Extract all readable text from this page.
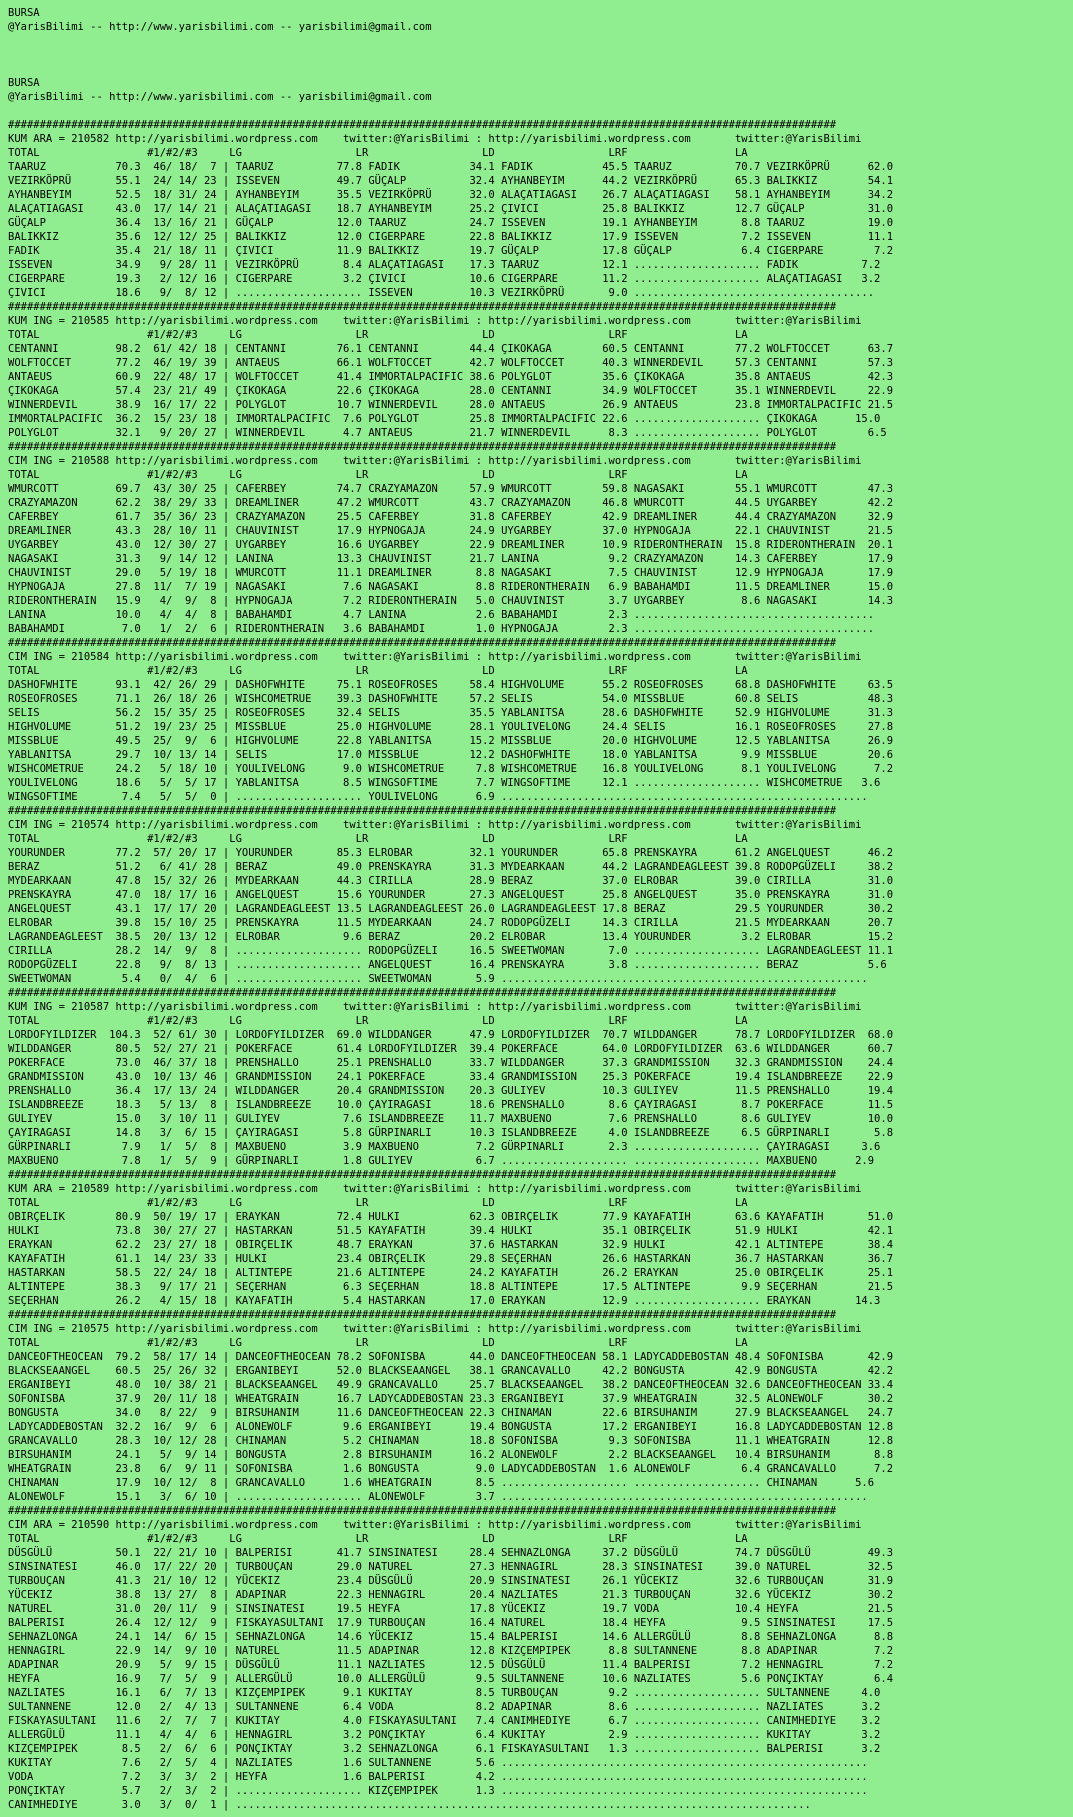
BURSA
@YarisBilimi -- http://www.yarisbilimi.com -- yarisbilimi@gmail.com
BURSA
@YarisBilimi -- http://www.yarisbilimi.com -- yarisbilimi@gmail.com
###################################################################################################################################
KUM ARA = 210582 http://yarisbilimi.wordpress.com    twitter:@YarisBilimi : http://yarisbilimi.wordpress.com       twitter:@YarisBilimi
TOTAL                 #1/#2/#3     LG                  LR                  LD                  LRF                 LA
TAARUZ           70.3  46/ 18/  7 | TAARUZ          77.8 FADIK           34.1 FADIK           45.5 TAARUZ          70.7 VEZIRKÖPRÜ      62.0
VEZIRKÖPRÜ       55.1  24/ 14/ 23 | ISSEVEN         49.7 GÜÇALP          32.4 AYHANBEYIM      44.2 VEZIRKÖPRÜ      65.3 BALIKKIZ        54.1
AYHANBEYIM       52.5  18/ 31/ 24 | AYHANBEYIM      35.5 VEZIRKÖPRÜ      32.0 ALAÇATIAGASI    26.7 ALAÇATIAGASI    58.1 AYHANBEYIM      34.2
ALAÇATIAGASI     43.0  17/ 14/ 21 | ALAÇATIAGASI    18.7 AYHANBEYIM      25.2 ÇIVICI          25.8 BALIKKIZ        12.7 GÜÇALP          31.0
GÜÇALP           36.4  13/ 16/ 21 | GÜÇALP          12.0 TAARUZ          24.7 ISSEVEN         19.1 AYHANBEYIM       8.8 TAARUZ          19.0
BALIKKIZ         35.6  12/ 12/ 25 | BALIKKIZ        12.0 CIGERPARE       22.8 BALIKKIZ        17.9 ISSEVEN          7.2 ISSEVEN         11.1
FADIK            35.4  21/ 18/ 11 | ÇIVICI          11.9 BALIKKIZ        19.7 GÜÇALP          17.8 GÜÇALP           6.4 CIGERPARE        7.2
ISSEVEN          34.9   9/ 28/ 11 | VEZIRKÖPRÜ       8.4 ALAÇATIAGASI    17.3 TAARUZ          12.1 .................... FADIK          7.2
CIGERPARE        19.3   2/ 12/ 16 | CIGERPARE        3.2 ÇIVICI          10.6 CIGERPARE       11.2 .................... ALAÇATIAGASI   3.2
ÇIVICI           18.6   9/  8/ 12 | .................... ISSEVEN         10.3 VEZIRKÖPRÜ       9.0 ......................................
###################################################################################################################################
KUM ING = 210585 http://yarisbilimi.wordpress.com    twitter:@YarisBilimi : http://yarisbilimi.wordpress.com       twitter:@YarisBilimi
TOTAL                 #1/#2/#3     LG                  LR                  LD                  LRF                 LA
CENTANNI         98.2  61/ 42/ 18 | CENTANNI        76.1 CENTANNI        44.4 ÇIKOKAGA        60.5 CENTANNI        77.2 WOLFTOCCET      63.7
WOLFTOCCET       77.2  46/ 19/ 39 | ANTAEUS         66.1 WOLFTOCCET      42.7 WOLFTOCCET      40.3 WINNERDEVIL     57.3 CENTANNI        57.3
ANTAEUS          60.9  22/ 48/ 17 | WOLFTOCCET      41.4 IMMORTALPACIFIC 38.6 POLYGLOT        35.6 ÇIKOKAGA        35.8 ANTAEUS         42.3
ÇIKOKAGA         57.4  23/ 21/ 49 | ÇIKOKAGA        22.6 ÇIKOKAGA        28.0 CENTANNI        34.9 WOLFTOCCET      35.1 WINNERDEVIL     22.9
WINNERDEVIL      38.9  16/ 17/ 22 | POLYGLOT        10.7 WINNERDEVIL     28.0 ANTAEUS         26.9 ANTAEUS         23.8 IMMORTALPACIFIC 21.5
IMMORTALPACIFIC  36.2  15/ 23/ 18 | IMMORTALPACIFIC  7.6 POLYGLOT        25.8 IMMORTALPACIFIC 22.6 .................... ÇIKOKAGA      15.0
POLYGLOT         32.1   9/ 20/ 27 | WINNERDEVIL      4.7 ANTAEUS         21.7 WINNERDEVIL      8.3 .................... POLYGLOT        6.5
###################################################################################################################################
CIM ING = 210588 http://yarisbilimi.wordpress.com    twitter:@YarisBilimi : http://yarisbilimi.wordpress.com       twitter:@YarisBilimi
TOTAL                 #1/#2/#3     LG                  LR                  LD                  LRF                 LA
WMURCOTT         69.7  43/ 30/ 25 | CAFERBEY        74.7 CRAZYAMAZON     57.9 WMURCOTT        59.8 NAGASAKI        55.1 WMURCOTT        47.3
CRAZYAMAZON      62.2  38/ 29/ 33 | DREAMLINER      47.2 WMURCOTT        43.7 CRAZYAMAZON     46.8 WMURCOTT        44.5 UYGARBEY        42.2
CAFERBEY         61.7  35/ 36/ 23 | CRAZYAMAZON     25.5 CAFERBEY        31.8 CAFERBEY        42.9 DREAMLINER      44.4 CRAZYAMAZON     32.9
DREAMLINER       43.3  28/ 10/ 11 | CHAUVINIST      17.9 HYPNOGAJA       24.9 UYGARBEY        37.0 HYPNOGAJA       22.1 CHAUVINIST      21.5
UYGARBEY         43.0  12/ 30/ 27 | UYGARBEY        16.6 UYGARBEY        22.9 DREAMLINER      10.9 RIDERONTHERAIN  15.8 RIDERONTHERAIN  20.1
NAGASAKI         31.3   9/ 14/ 12 | LANINA          13.3 CHAUVINIST      21.7 LANINA           9.2 CRAZYAMAZON     14.3 CAFERBEY        17.9
CHAUVINIST       29.0   5/ 19/ 18 | WMURCOTT        11.1 DREAMLINER       8.8 NAGASAKI         7.5 CHAUVINIST      12.9 HYPNOGAJA       17.9
HYPNOGAJA        27.8  11/  7/ 19 | NAGASAKI         7.6 NAGASAKI         8.8 RIDERONTHERAIN   6.9 BABAHAMDI       11.5 DREAMLINER      15.0
RIDERONTHERAIN   15.9   4/  9/  8 | HYPNOGAJA        7.2 RIDERONTHERAIN   5.0 CHAUVINIST       3.7 UYGARBEY         8.6 NAGASAKI        14.3
LANINA           10.0   4/  4/  8 | BABAHAMDI        4.7 LANINA           2.6 BABAHAMDI        2.3 ......................................
BABAHAMDI         7.0   1/  2/  6 | RIDERONTHERAIN   3.6 BABAHAMDI        1.0 HYPNOGAJA        2.3 ......................................
###################################################################################################################################
CIM ING = 210584 http://yarisbilimi.wordpress.com    twitter:@YarisBilimi : http://yarisbilimi.wordpress.com       twitter:@YarisBilimi
TOTAL                 #1/#2/#3     LG                  LR                  LD                  LRF                 LA
DASHOFWHITE      93.1  42/ 26/ 29 | DASHOFWHITE     75.1 ROSEOFROSES     58.4 HIGHVOLUME      55.2 ROSEOFROSES     68.8 DASHOFWHITE     63.5
ROSEOFROSES      71.1  26/ 18/ 26 | WISHCOMETRUE    39.3 DASHOFWHITE     57.2 SELIS           54.0 MISSBLUE        60.8 SELIS           48.3
SELIS            56.2  15/ 35/ 25 | ROSEOFROSES     32.4 SELIS           35.5 YABLANITSA      28.6 DASHOFWHITE     52.9 HIGHVOLUME      31.3
HIGHVOLUME       51.2  19/ 23/ 25 | MISSBLUE        25.0 HIGHVOLUME      28.1 YOULIVELONG     24.4 SELIS           16.1 ROSEOFROSES     27.8
MISSBLUE         49.5  25/  9/  6 | HIGHVOLUME      22.8 YABLANITSA      15.2 MISSBLUE        20.0 HIGHVOLUME      12.5 YABLANITSA      26.9
YABLANITSA       29.7  10/ 13/ 14 | SELIS           17.0 MISSBLUE        12.2 DASHOFWHITE     18.0 YABLANITSA       9.9 MISSBLUE        20.6
WISHCOMETRUE     24.2   5/ 18/ 10 | YOULIVELONG      9.0 WISHCOMETRUE     7.8 WISHCOMETRUE    16.8 YOULIVELONG      8.1 YOULIVELONG      7.2
YOULIVELONG      18.6   5/  5/ 17 | YABLANITSA       8.5 WINGSOFTIME      7.7 WINGSOFTIME     12.1 .................... WISHCOMETRUE   3.6
WINGSOFTIME       7.4   5/  5/  0 | .................... YOULIVELONG      6.9 ..........................................................
###################################################################################################################################
CIM ING = 210574 http://yarisbilimi.wordpress.com    twitter:@YarisBilimi : http://yarisbilimi.wordpress.com       twitter:@YarisBilimi
TOTAL                 #1/#2/#3     LG                  LR                  LD                  LRF                 LA
YOURUNDER        77.2  57/ 20/ 17 | YOURUNDER       85.3 ELROBAR         32.1 YOURUNDER       65.8 PRENSKAYRA      61.2 ANGELQUEST      46.2
BERAZ            51.2   6/ 41/ 28 | BERAZ           49.0 PRENSKAYRA      31.3 MYDEARKAAN      44.2 LAGRANDEAGLEEST 39.8 RODOPGÜZELI     38.2
MYDEARKAAN       47.8  15/ 32/ 26 | MYDEARKAAN      44.3 CIRILLA         28.9 BERAZ           37.0 ELROBAR         39.0 CIRILLA         31.0
PRENSKAYRA       47.0  18/ 17/ 16 | ANGELQUEST      15.6 YOURUNDER       27.3 ANGELQUEST      25.8 ANGELQUEST      35.0 PRENSKAYRA      31.0
ANGELQUEST       43.1  17/ 17/ 20 | LAGRANDEAGLEEST 13.5 LAGRANDEAGLEEST 26.0 LAGRANDEAGLEEST 17.8 BERAZ           29.5 YOURUNDER       30.2
ELROBAR          39.8  15/ 10/ 25 | PRENSKAYRA      11.5 MYDEARKAAN      24.7 RODOPGÜZELI     14.3 CIRILLA         21.5 MYDEARKAAN      20.7
LAGRANDEAGLEEST  38.5  20/ 13/ 12 | ELROBAR          9.6 BERAZ           20.2 ELROBAR         13.4 YOURUNDER        3.2 ELROBAR         15.2
CIRILLA          28.2  14/  9/  8 | .................... RODOPGÜZELI     16.5 SWEETWOMAN       7.0 .................... LAGRANDEAGLEEST 11.1
RODOPGÜZELI      22.8   9/  8/ 13 | .................... ANGELQUEST      16.4 PRENSKAYRA       3.8 .................... BERAZ           5.6
SWEETWOMAN        5.4   0/  4/  6 | .................... SWEETWOMAN       5.9 ..........................................................
###################################################################################################################################
KUM ING = 210587 http://yarisbilimi.wordpress.com    twitter:@YarisBilimi : http://yarisbilimi.wordpress.com       twitter:@YarisBilimi
TOTAL                 #1/#2/#3     LG                  LR                  LD                  LRF                 LA
LORDOFYILDIZER  104.3  52/ 61/ 30 | LORDOFYILDIZER  69.0 WILDDANGER      47.9 LORDOFYILDIZER  70.7 WILDDANGER      78.7 LORDOFYILDIZER  68.0
WILDDANGER       80.5  52/ 27/ 21 | POKERFACE       61.4 LORDOFYILDIZER  39.4 POKERFACE       64.0 LORDOFYILDIZER  63.6 WILDDANGER      60.7
POKERFACE        73.0  46/ 37/ 18 | PRENSHALLO      25.1 PRENSHALLO      33.7 WILDDANGER      37.3 GRANDMISSION    32.3 GRANDMISSION    24.4
GRANDMISSION     43.0  10/ 13/ 46 | GRANDMISSION    24.1 POKERFACE       33.4 GRANDMISSION    25.3 POKERFACE       19.4 ISLANDBREEZE    22.9
PRENSHALLO       36.4  17/ 13/ 24 | WILDDANGER      20.4 GRANDMISSION    20.3 GULIYEV         10.3 GULIYEV         11.5 PRENSHALLO      19.4
ISLANDBREEZE     18.3   5/ 13/  8 | ISLANDBREEZE    10.0 ÇAYIRAGASI      18.6 PRENSHALLO       8.6 ÇAYIRAGASI       8.7 POKERFACE       11.5
GULIYEV          15.0   3/ 10/ 11 | GULIYEV          7.6 ISLANDBREEZE    11.7 MAXBUENO         7.6 PRENSHALLO       8.6 GULIYEV         10.0
ÇAYIRAGASI       14.8   3/  6/ 15 | ÇAYIRAGASI       5.8 GÜRPINARLI      10.3 ISLANDBREEZE     4.0 ISLANDBREEZE     6.5 GÜRPINARLI       5.8
GÜRPINARLI        7.9   1/  5/  8 | MAXBUENO         3.9 MAXBUENO         7.2 GÜRPINARLI       2.3 .................... ÇAYIRAGASI     3.6
MAXBUENO          7.8   1/  5/  9 | GÜRPINARLI       1.8 GULIYEV          6.7 .................... .................... MAXBUENO      2.9
###################################################################################################################################
KUM ARA = 210589 http://yarisbilimi.wordpress.com    twitter:@YarisBilimi : http://yarisbilimi.wordpress.com       twitter:@YarisBilimi
TOTAL                 #1/#2/#3     LG                  LR                  LD                  LRF                 LA
OBIRÇELIK        80.9  50/ 19/ 17 | ERAYKAN         72.4 HULKI           62.3 OBIRÇELIK       77.9 KAYAFATIH       63.6 KAYAFATIH       51.0
HULKI            73.8  30/ 27/ 27 | HASTARKAN       51.5 KAYAFATIH       39.4 HULKI           35.1 OBIRÇELIK       51.9 HULKI           42.1
ERAYKAN          62.2  23/ 27/ 18 | OBIRÇELIK       48.7 ERAYKAN         37.6 HASTARKAN       32.9 HULKI           42.1 ALTINTEPE       38.4
KAYAFATIH        61.1  14/ 23/ 33 | HULKI           23.4 OBIRÇELIK       29.8 SEÇERHAN        26.6 HASTARKAN       36.7 HASTARKAN       36.7
HASTARKAN        58.5  22/ 24/ 18 | ALTINTEPE       21.6 ALTINTEPE       24.2 KAYAFATIH       26.2 ERAYKAN         25.0 OBIRÇELIK       25.1
ALTINTEPE        38.3   9/ 17/ 21 | SEÇERHAN         6.3 SEÇERHAN        18.8 ALTINTEPE       17.5 ALTINTEPE        9.9 SEÇERHAN        21.5
SEÇERHAN         26.2   4/ 15/ 18 | KAYAFATIH        5.4 HASTARKAN       17.0 ERAYKAN         12.9 .................... ERAYKAN       14.3
###################################################################################################################################
CIM ING = 210575 http://yarisbilimi.wordpress.com    twitter:@YarisBilimi : http://yarisbilimi.wordpress.com       twitter:@YarisBilimi
TOTAL                 #1/#2/#3     LG                  LR                  LD                  LRF                 LA
DANCEOFTHEOCEAN  79.2  58/ 17/ 14 | DANCEOFTHEOCEAN 78.2 SOFONISBA       44.0 DANCEOFTHEOCEAN 58.1 LADYCADDEBOSTAN 48.4 SOFONISBA       42.9
BLACKSEAANGEL    60.5  25/ 26/ 32 | ERGANIBEYI      52.0 BLACKSEAANGEL   38.1 GRANCAVALLO     42.2 BONGUSTA        42.9 BONGUSTA        42.2
ERGANIBEYI       48.0  10/ 38/ 21 | BLACKSEAANGEL   49.9 GRANCAVALLO     25.7 BLACKSEAANGEL   38.2 DANCEOFTHEOCEAN 32.6 DANCEOFTHEOCEAN 33.4
SOFONISBA        37.9  20/ 11/ 18 | WHEATGRAIN      16.7 LADYCADDEBOSTAN 23.3 ERGANIBEYI      37.9 WHEATGRAIN      32.5 ALONEWOLF       30.2
BONGUSTA         34.0   8/ 22/  9 | BIRSUHANIM      11.6 DANCEOFTHEOCEAN 22.3 CHINAMAN        22.6 BIRSUHANIM      27.9 BLACKSEAANGEL   24.7
LADYCADDEBOSTAN  32.2  16/  9/  6 | ALONEWOLF        9.6 ERGANIBEYI      19.4 BONGUSTA        17.2 ERGANIBEYI      16.8 LADYCADDEBOSTAN 12.8
GRANCAVALLO      28.3  10/ 12/ 28 | CHINAMAN         5.2 CHINAMAN        18.8 SOFONISBA        9.3 SOFONISBA       11.1 WHEATGRAIN      12.8
BIRSUHANIM       24.1   5/  9/ 14 | BONGUSTA         2.8 BIRSUHANIM      16.2 ALONEWOLF        2.2 BLACKSEAANGEL   10.4 BIRSUHANIM       8.8
WHEATGRAIN       23.8   6/  9/ 11 | SOFONISBA        1.6 BONGUSTA         9.0 LADYCADDEBOSTAN  1.6 ALONEWOLF        6.4 GRANCAVALLO      7.2
CHINAMAN         17.9  10/ 12/  8 | GRANCAVALLO      1.6 WHEATGRAIN       8.5 .................... .................... CHINAMAN      5.6
ALONEWOLF        15.1   3/  6/ 10 | .................... ALONEWOLF        3.7 ..........................................................
###################################################################################################################################
CIM ARA = 210590 http://yarisbilimi.wordpress.com    twitter:@YarisBilimi : http://yarisbilimi.wordpress.com       twitter:@YarisBilimi
TOTAL                 #1/#2/#3     LG                  LR                  LD                  LRF                 LA
DÜSGÜLÜ          50.1  22/ 21/ 10 | BALPERISI       41.7 SINSINATESI     28.4 SEHNAZLONGA     37.2 DÜSGÜLÜ         74.7 DÜSGÜLÜ         49.3
SINSINATESI      46.0  17/ 22/ 20 | TURBOUÇAN       29.0 NATUREL         27.3 HENNAGIRL       28.3 SINSINATESI     39.0 NATUREL         32.5
TURBOUÇAN        41.3  21/ 10/ 12 | YÜCEKIZ         23.4 DÜSGÜLÜ         20.9 SINSINATESI     26.1 YÜCEKIZ         32.6 TURBOUÇAN       31.9
YÜCEKIZ          38.8  13/ 27/  8 | ADAPINAR        22.3 HENNAGIRL       20.4 NAZLIATES       21.3 TURBOUÇAN       32.6 YÜCEKIZ         30.2
NATUREL          31.0  20/ 11/  9 | SINSINATESI     19.5 HEYFA           17.8 YÜCEKIZ         19.7 VODA            10.4 HEYFA           21.5
BALPERISI        26.4  12/ 12/  9 | FISKAYASULTANI  17.9 TURBOUÇAN       16.4 NATUREL         18.4 HEYFA            9.5 SINSINATESI     17.5
SEHNAZLONGA      24.1  14/  6/ 15 | SEHNAZLONGA     14.6 YÜCEKIZ         15.4 BALPERISI       14.6 ALLERGÜLÜ        8.8 SEHNAZLONGA      8.8
HENNAGIRL        22.9  14/  9/ 10 | NATUREL         11.5 ADAPINAR        12.8 KIZÇEMPIPEK      8.8 SULTANNENE       8.8 ADAPINAR         7.2
ADAPINAR         20.9   5/  9/ 15 | DÜSGÜLÜ         11.1 NAZLIATES       12.5 DÜSGÜLÜ         11.4 BALPERISI        7.2 HENNAGIRL        7.2
HEYFA            16.9   7/  5/  9 | ALLERGÜLÜ       10.0 ALLERGÜLÜ        9.5 SULTANNENE      10.6 NAZLIATES        5.6 PONÇIKTAY        6.4
NAZLIATES        16.1   6/  7/ 13 | KIZÇEMPIPEK      9.1 KUKITAY          8.5 TURBOUÇAN        9.2 .................... SULTANNENE     4.0
SULTANNENE       12.0   2/  4/ 13 | SULTANNENE       6.4 VODA             8.2 ADAPINAR         8.6 .................... NAZLIATES      3.2
FISKAYASULTANI   11.6   2/  7/  7 | KUKITAY          4.0 FISKAYASULTANI   7.4 CANIMHEDIYE      6.7 .................... CANIMHEDIYE    3.2
ALLERGÜLÜ        11.1   4/  4/  6 | HENNAGIRL        3.2 PONÇIKTAY        6.4 KUKITAY          2.9 .................... KUKITAY        3.2
KIZÇEMPIPEK       8.5   2/  6/  6 | PONÇIKTAY        3.2 SEHNAZLONGA      6.1 FISKAYASULTANI   1.3 .................... BALPERISI      3.2
KUKITAY           7.6   2/  5/  4 | NAZLIATES        1.6 SULTANNENE       5.6 ..........................................................
VODA              7.2   3/  3/  2 | HEYFA            1.6 BALPERISI        4.2 ..........................................................
PONÇIKTAY         5.7   2/  3/  2 | .................... KIZÇEMPIPEK      1.3 ..........................................................
CANIMHEDIYE       3.0   3/  0/  1 | ...........................................................................................
